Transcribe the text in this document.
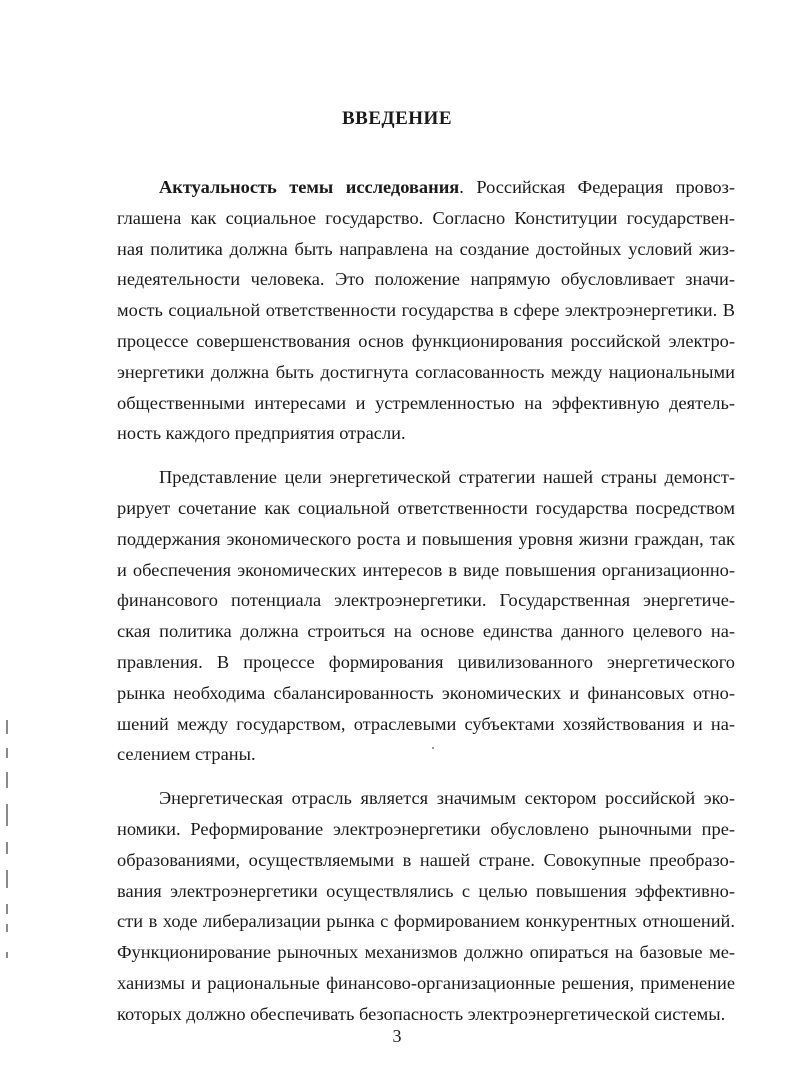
ВВЕДЕНИЕ
Актуальность темы исследования. Российская Федерация провоз-
глашена как социальное государство. Согласно Конституции государствен-
ная политика должна быть направлена на создание достойных условий жиз-
недеятельности человека. Это положение напрямую обусловливает значи-
мость социальной ответственности государства в сфере электроэнергетики. В
процессе совершенствования основ функционирования российской электро-
энергетики должна быть достигнута согласованность между национальными
общественными интересами и устремленностью на эффективную деятель-
ность каждого предприятия отрасли.
Представление цели энергетической стратегии нашей страны демонст-
рирует сочетание как социальной ответственности государства посредством
поддержания экономического роста и повышения уровня жизни граждан, так
и обеспечения экономических интересов в виде повышения организационно-
финансового потенциала электроэнергетики. Государственная энергетиче-
ская политика должна строиться на основе единства данного целевого на-
правления. В процессе формирования цивилизованного энергетического
рынка необходима сбалансированность экономических и финансовых отно-
шений между государством, отраслевыми субъектами хозяйствования и на-
селением страны.
Энергетическая отрасль является значимым сектором российской эко-
номики. Реформирование электроэнергетики обусловлено рыночными пре-
образованиями, осуществляемыми в нашей стране. Совокупные преобразо-
вания электроэнергетики осуществлялись с целью повышения эффективно-
сти в ходе либерализации рынка с формированием конкурентных отношений.
Функционирование рыночных механизмов должно опираться на базовые ме-
ханизмы и рациональные финансово-организационные решения, применение
которых должно обеспечивать безопасность электроэнергетической системы.
3
